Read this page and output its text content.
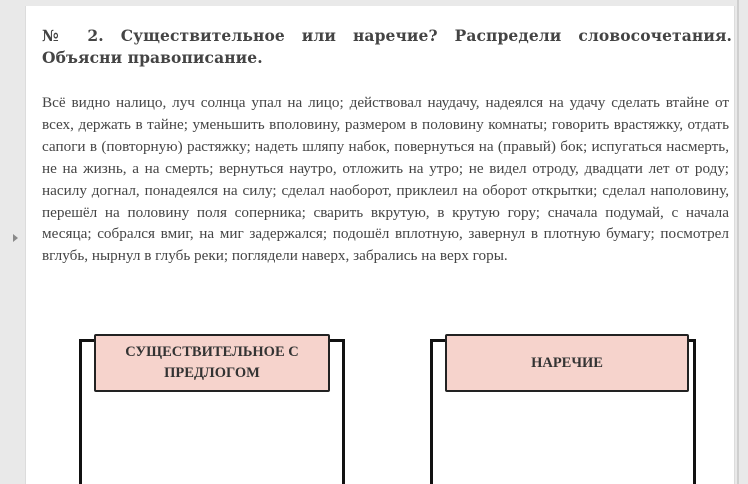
№ 2. Существительное или наречие? Распредели словосочетания. Объясни правописание.

Всё видно налицо, луч солнца упал на лицо; действовал наудачу, надеялся на удачу сделать втайне от всех, держать в тайне; уменьшить вполовину, размером в половину комнаты; говорить врастяжку, отдать сапоги в (повторную) растяжку; надеть шляпу набок, повернуться на (правый) бок; испугаться насмерть, не на жизнь, а на смерть; вернуться наутро, отложить на утро; не видел отроду, двадцати лет от роду; насилу догнал, понадеялся на силу; сделал наоборот, приклеил на оборот открытки; сделал наполовину, перешёл на половину поля соперника; сварить вкрутую, в крутую гору; сначала подумай, с начала месяца; собрался вмиг, на миг задержался; подошёл вплотную, завернул в плотную бумагу; посмотрел вглубь, нырнул в глубь реки; поглядели наверх, забрались на верх горы.

СУЩЕСТВИТЕЛЬНОЕ С ПРЕДЛОГОМ
НАРЕЧИЕ
